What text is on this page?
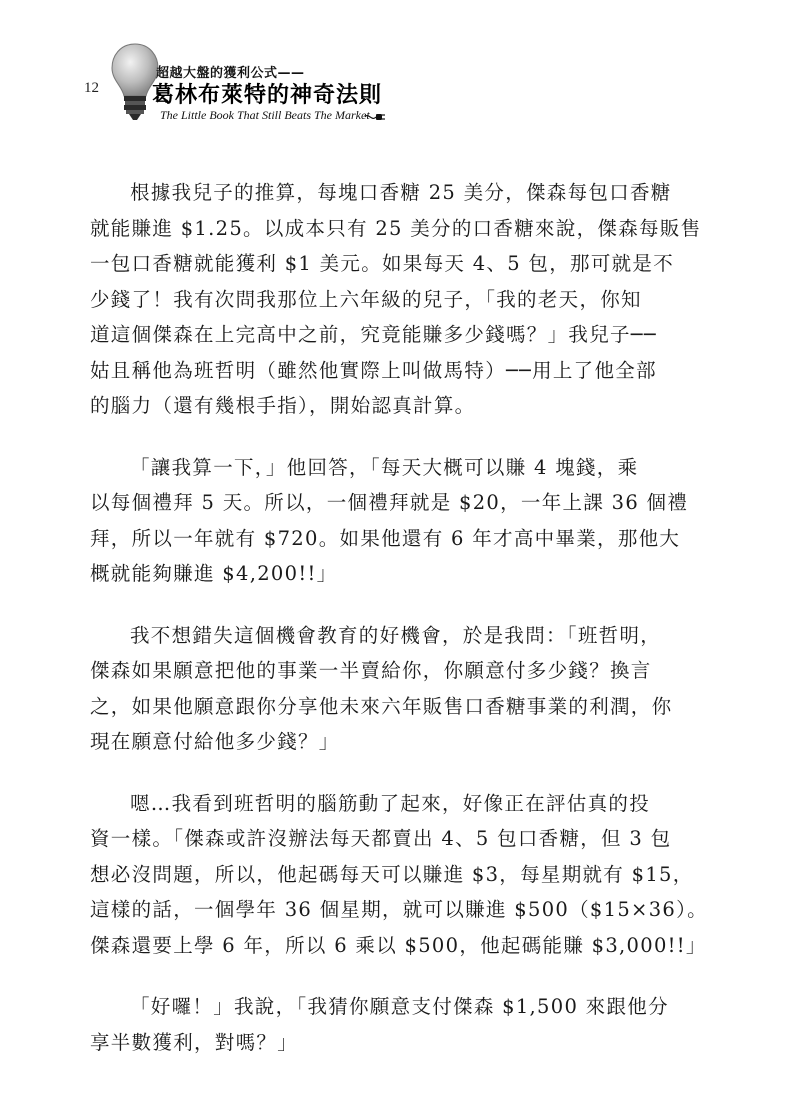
12
超越大盤的獲利公式——
葛林布萊特的神奇法則
The Little Book That Still Beats The Market
根據我兒子的推算，每塊口香糖 25 美分，傑森每包口香糖
就能賺進 $1.25。以成本只有 25 美分的口香糖來說，傑森每販售
一包口香糖就能獲利 $1 美元。如果每天 4、5 包，那可就是不
少錢了！我有次問我那位上六年級的兒子，「我的老天，你知
道這個傑森在上完高中之前，究竟能賺多少錢嗎？」我兒子──
姑且稱他為班哲明（雖然他實際上叫做馬特）──用上了他全部
的腦力（還有幾根手指），開始認真計算。
「讓我算一下，」他回答，「每天大概可以賺 4 塊錢，乘
以每個禮拜 5 天。所以，一個禮拜就是 $20，一年上課 36 個禮
拜，所以一年就有 $720。如果他還有 6 年才高中畢業，那他大
概就能夠賺進 $4,200!!」
我不想錯失這個機會教育的好機會，於是我問：「班哲明，
傑森如果願意把他的事業一半賣給你，你願意付多少錢？換言
之，如果他願意跟你分享他未來六年販售口香糖事業的利潤，你
現在願意付給他多少錢？」
嗯…我看到班哲明的腦筋動了起來，好像正在評估真的投
資一樣。「傑森或許沒辦法每天都賣出 4、5 包口香糖，但 3 包
想必沒問題，所以，他起碼每天可以賺進 $3，每星期就有 $15，
這樣的話，一個學年 36 個星期，就可以賺進 $500（$15×36）。
傑森還要上學 6 年，所以 6 乘以 $500，他起碼能賺 $3,000!!」
「好囉！」我說，「我猜你願意支付傑森 $1,500 來跟他分
享半數獲利，對嗎？」
